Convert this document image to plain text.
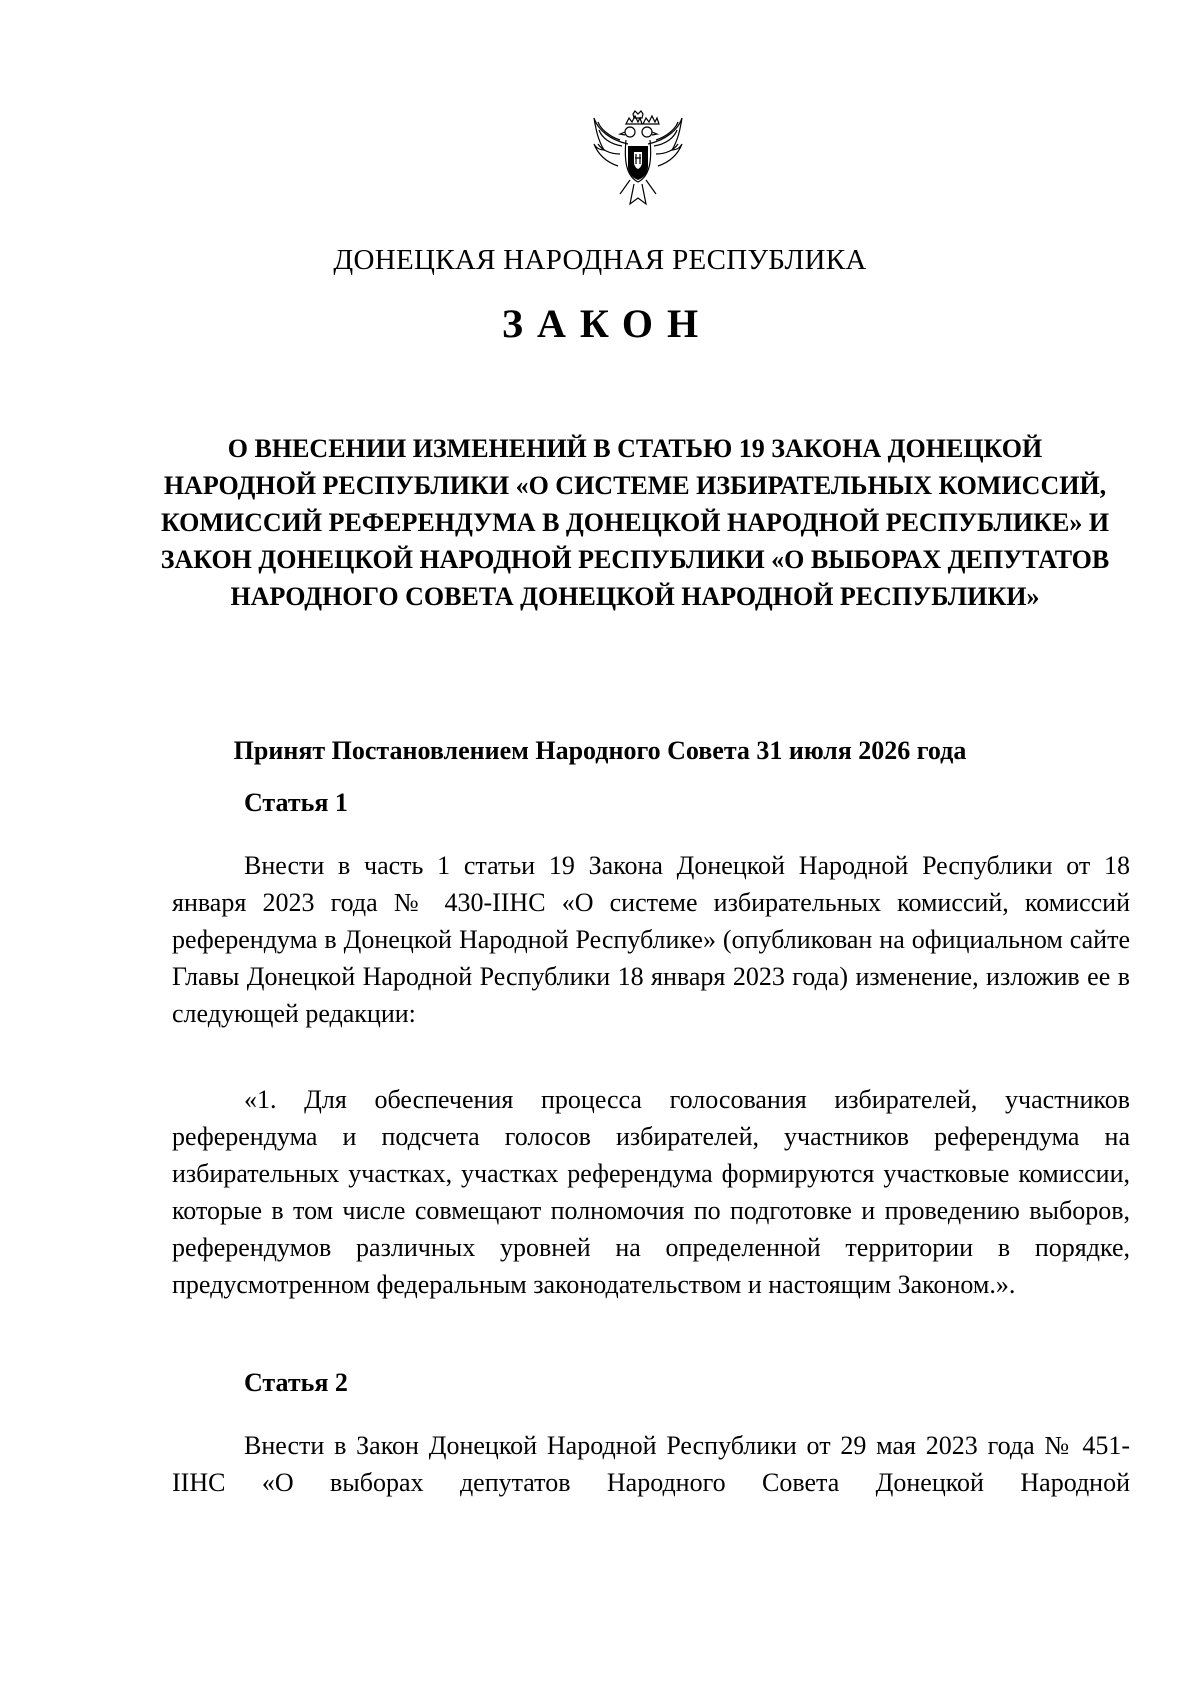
ДОНЕЦКАЯ НАРОДНАЯ РЕСПУБЛИКА
ЗАКОН
О ВНЕСЕНИИ ИЗМЕНЕНИЙ В СТАТЬЮ 19 ЗАКОНА ДОНЕЦКОЙ НАРОДНОЙ РЕСПУБЛИКИ «О СИСТЕМЕ ИЗБИРАТЕЛЬНЫХ КОМИССИЙ, КОМИССИЙ РЕФЕРЕНДУМА В ДОНЕЦКОЙ НАРОДНОЙ РЕСПУБЛИКЕ» И ЗАКОН ДОНЕЦКОЙ НАРОДНОЙ РЕСПУБЛИКИ «О ВЫБОРАХ ДЕПУТАТОВ НАРОДНОГО СОВЕТА ДОНЕЦКОЙ НАРОДНОЙ РЕСПУБЛИКИ»
Принят Постановлением Народного Совета 31 июля 2026 года
Статья 1
Внести в часть 1 статьи 19 Закона Донецкой Народной Республики от 18 января 2023 года № 430-IIНС «О системе избирательных комиссий, комиссий референдума в Донецкой Народной Республике» (опубликован на официальном сайте Главы Донецкой Народной Республики 18 января 2023 года) изменение, изложив ее в следующей редакции:
«1. Для обеспечения процесса голосования избирателей, участников референдума и подсчета голосов избирателей, участников референдума на избирательных участках, участках референдума формируются участковые комиссии, которые в том числе совмещают полномочия по подготовке и проведению выборов, референдумов различных уровней на определенной территории в порядке, предусмотренном федеральным законодательством и настоящим Законом.».
Статья 2
Внести в Закон Донецкой Народной Республики от 29 мая 2023 года № 451-IIНС «О выборах депутатов Народного Совета Донецкой Народной
